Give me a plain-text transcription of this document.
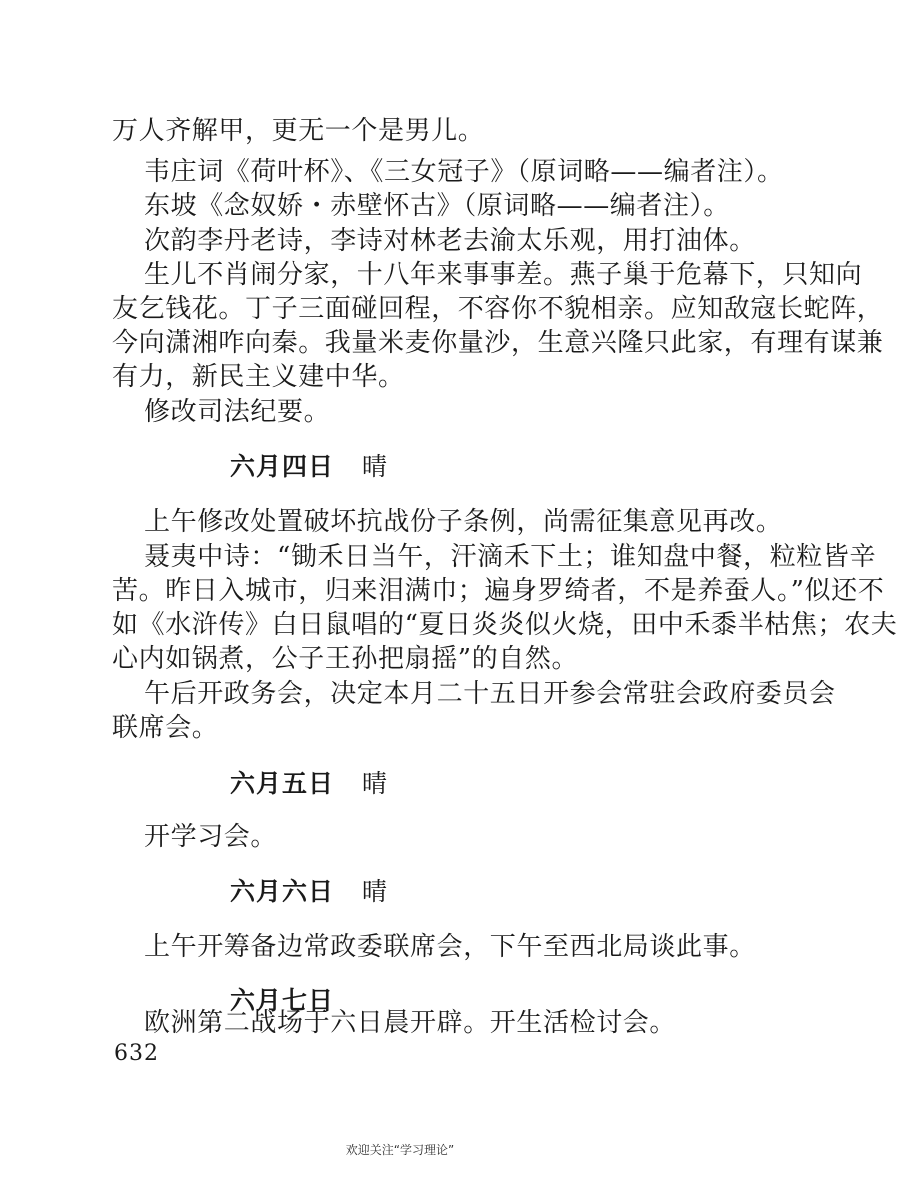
万人齐解甲，更无一个是男儿。
韦庄词《荷叶杯》、《三女冠子》（原词略——编者注）。
东坡《念奴娇・赤壁怀古》（原词略——编者注）。
次韵李丹老诗，李诗对林老去渝太乐观，用打油体。
生儿不肖闹分家，十八年来事事差。燕子巢于危幕下，只知向
友乞钱花。丁子三面碰回程，不容你不貌相亲。应知敌寇长蛇阵，
今向潇湘咋向秦。我量米麦你量沙，生意兴隆只此家，有理有谋兼
有力，新民主义建中华。
修改司法纪要。
六月四日 晴
上午修改处置破坏抗战份子条例，尚需征集意见再改。
聂夷中诗：“锄禾日当午，汗滴禾下土；谁知盘中餐，粒粒皆辛
苦。昨日入城市，归来泪满巾；遍身罗绮者，不是养蚕人。”似还不
如《水浒传》白日鼠唱的“夏日炎炎似火烧，田中禾黍半枯焦；农夫
心内如锅煮，公子王孙把扇摇”的自然。
午后开政务会，决定本月二十五日开参会常驻会政府委员会
联席会。
六月五日 晴
开学习会。
六月六日 晴
上午开筹备边常政委联席会，下午至西北局谈此事。
六月七日
欧洲第二战场于六日晨开辟。开生活检讨会。
632
欢迎关注“学习理论”
